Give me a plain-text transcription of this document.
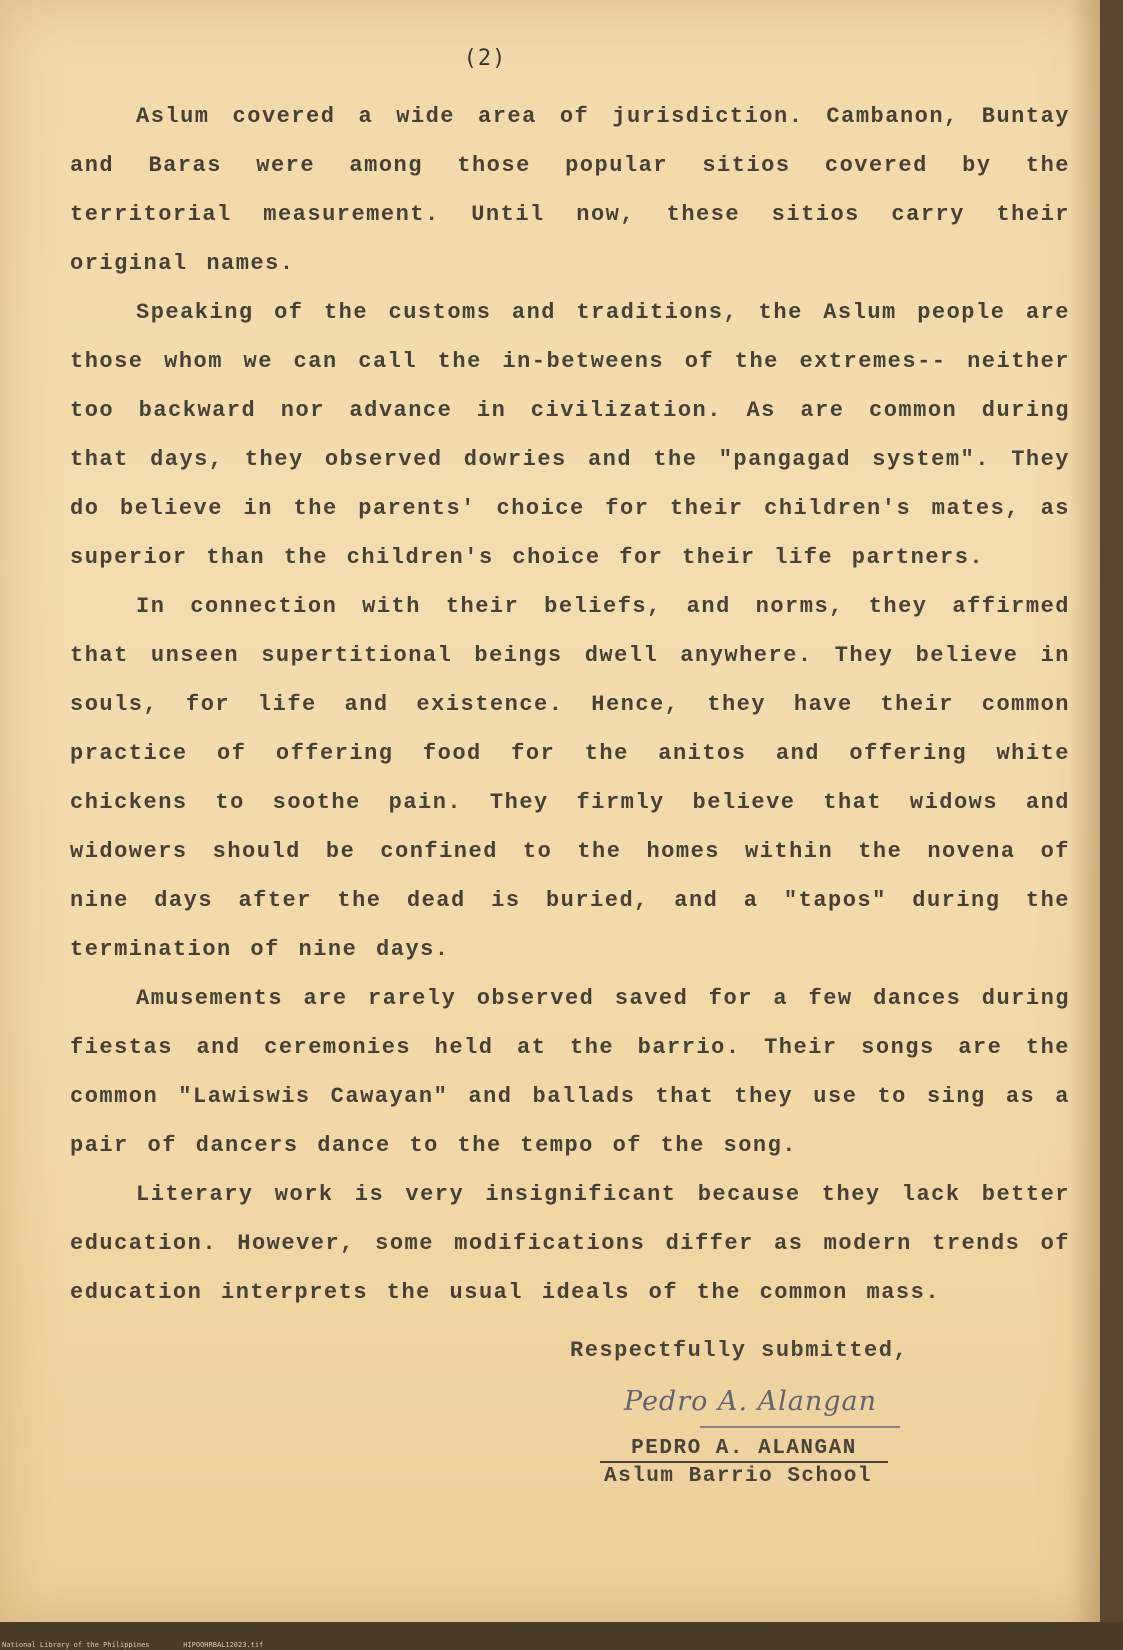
(2)

Aslum covered a wide area of jurisdiction. Cambanon, Buntay and Baras were among those popular sitios covered by the territorial measurement. Until now, these sitios carry their original names.

Speaking of the customs and traditions, the Aslum people are those whom we can call the in-betweens of the extremes-- neither too backward nor advance in civilization. As are common during that days, they observed dowries and the "pangagad system". They do believe in the parents' choice for their children's mates, as superior than the children's choice for their life partners.

In connection with their beliefs, and norms, they affirmed that unseen supertitional beings dwell anywhere. They believe in souls, for life and existence. Hence, they have their common practice of offering food for the anitos and offering white chickens to soothe pain. They firmly believe that widows and widowers should be confined to the homes within the novena of nine days after the dead is buried, and a "tapos" during the termination of nine days.

Amusements are rarely observed saved for a few dances during fiestas and ceremonies held at the barrio. Their songs are the common "Lawiswis Cawayan" and ballads that they use to sing as a pair of dancers dance to the tempo of the song.

Literary work is very insignificant because they lack better education. However, some modifications differ as modern trends of education interprets the usual ideals of the common mass.

Respectfully submitted,
Pedro A. Alangan
PEDRO A. ALANGAN
Aslum Barrio School
National Library of the Philippines	HIPOOHRBAL12023.tif
